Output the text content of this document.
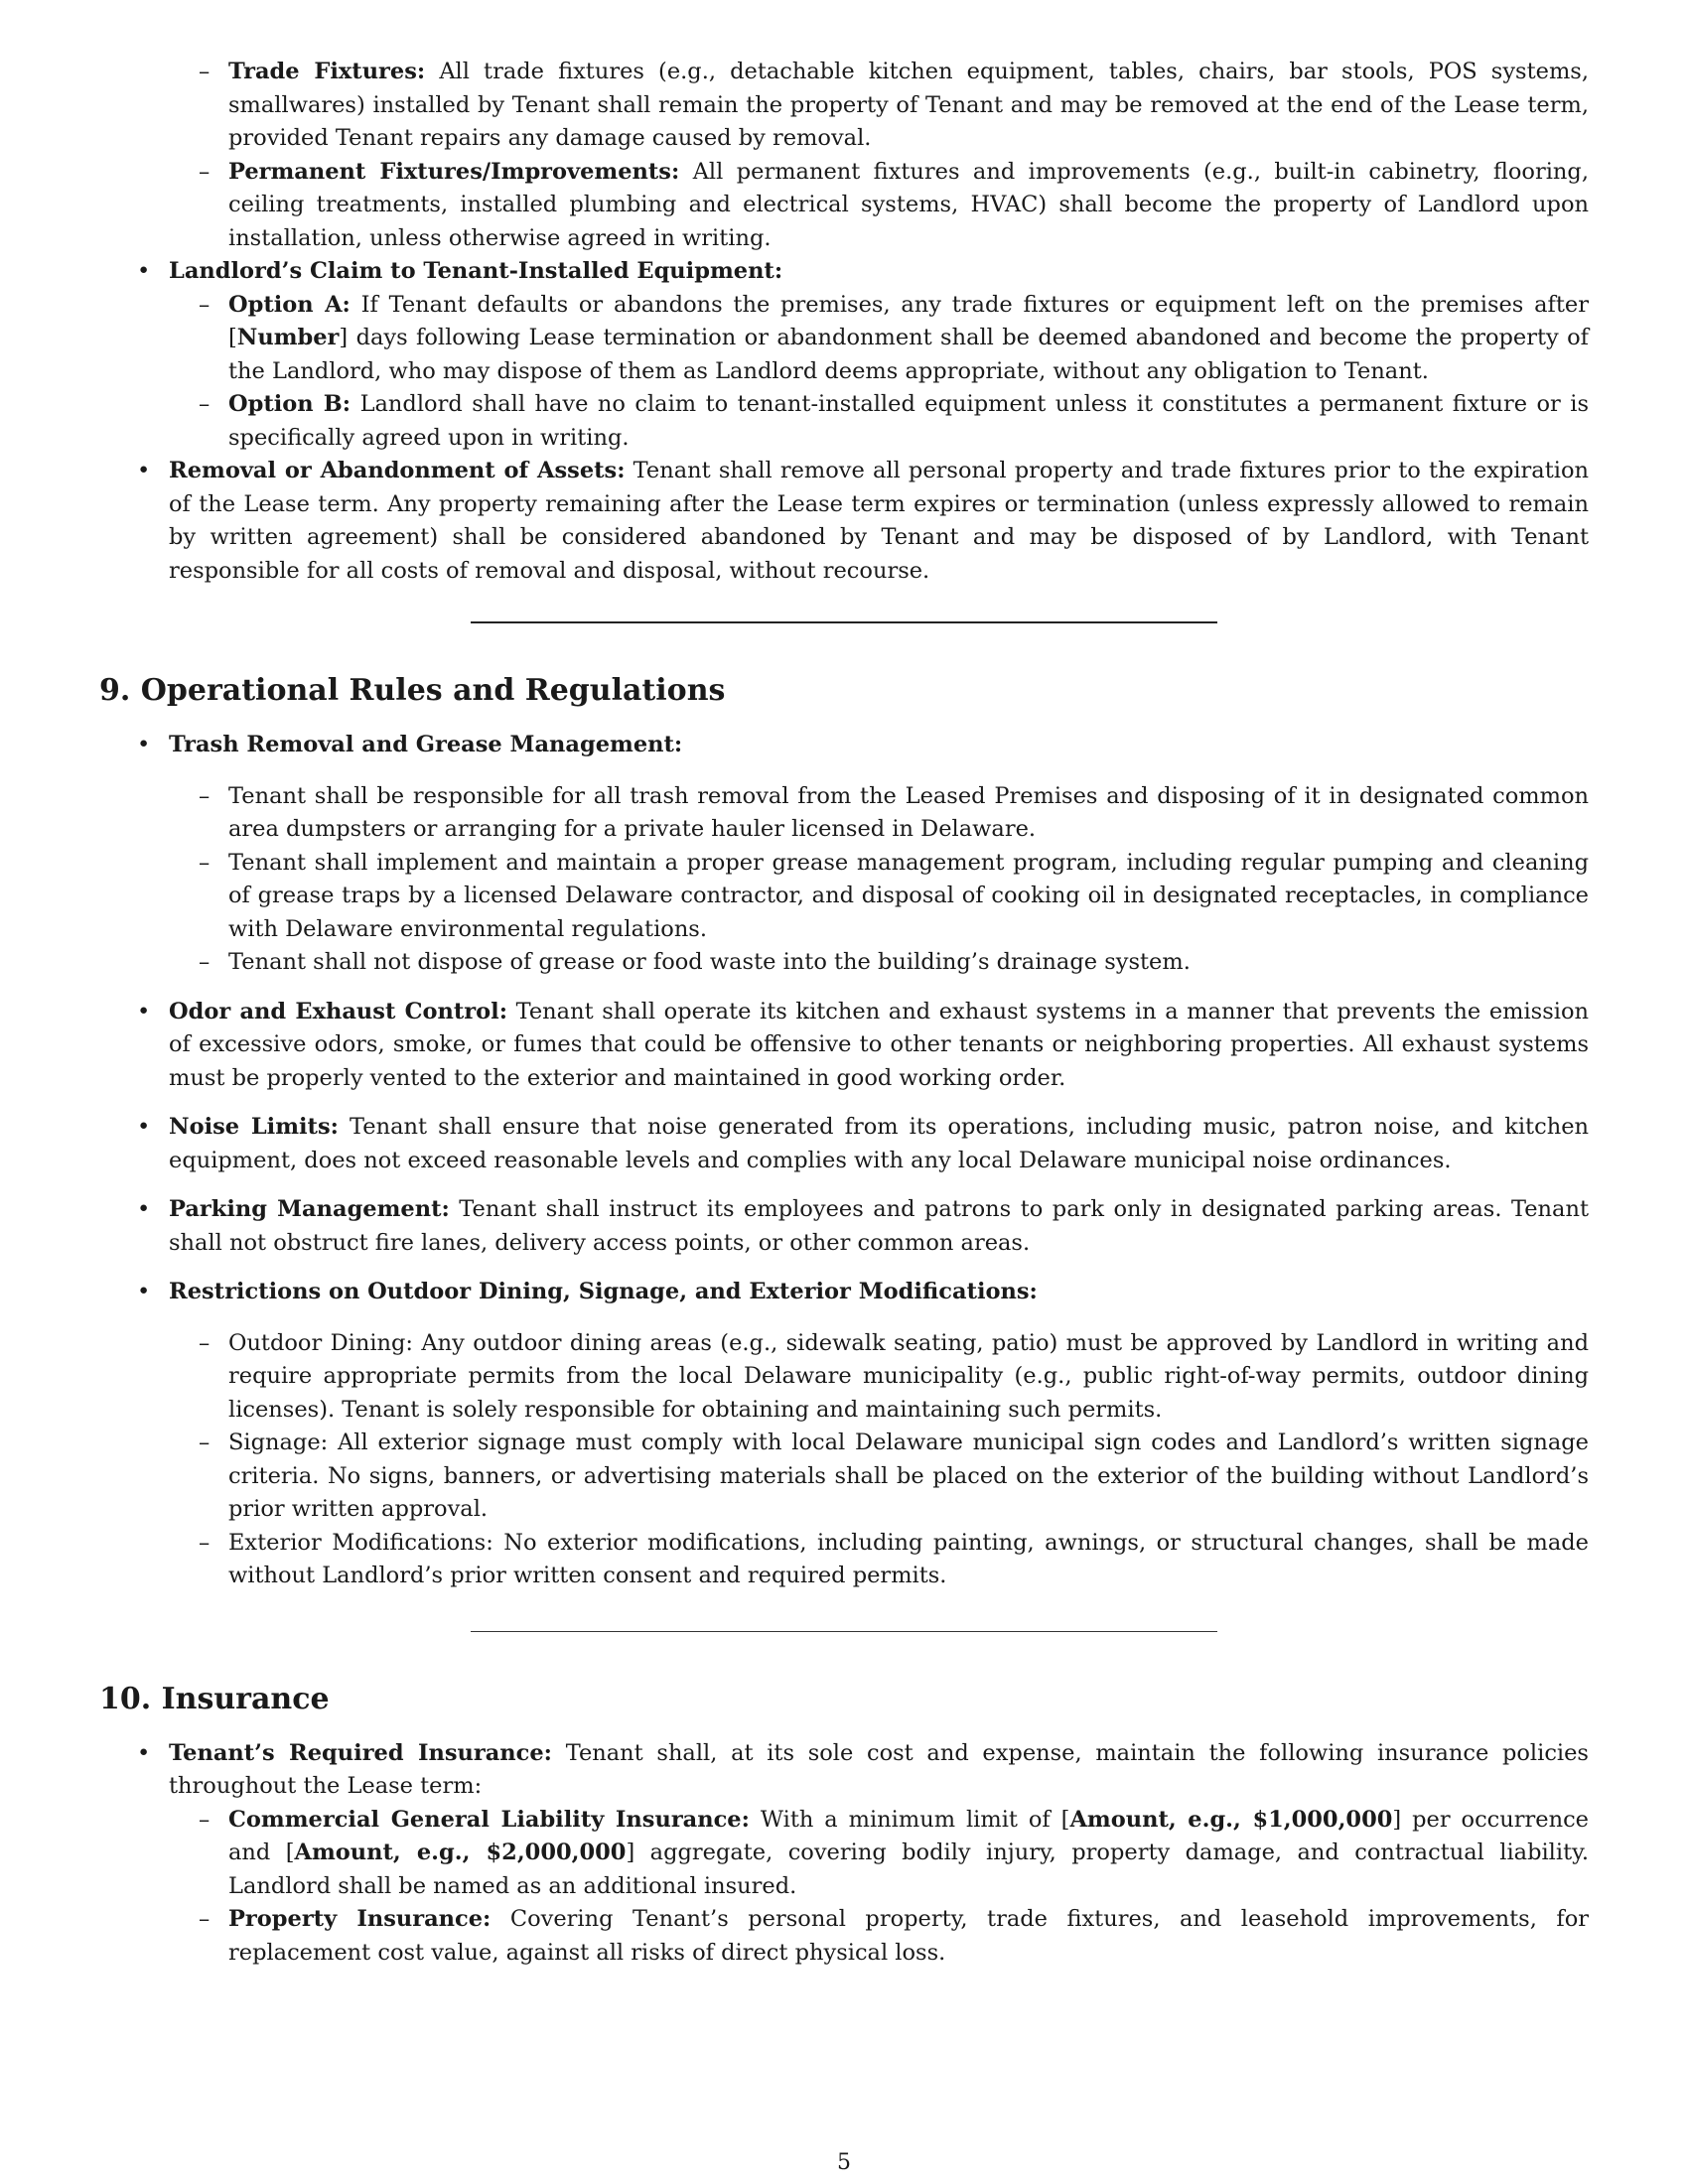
– Trade Fixtures: All trade fixtures (e.g., detachable kitchen equipment, tables, chairs, bar stools, POS systems, smallwares) installed by Tenant shall remain the property of Tenant and may be removed at the end of the Lease term, provided Tenant repairs any damage caused by removal.
– Permanent Fixtures/Improvements: All permanent fixtures and improvements (e.g., built-in cabinetry, flooring, ceiling treatments, installed plumbing and electrical systems, HVAC) shall become the property of Landlord upon installation, unless otherwise agreed in writing.
• Landlord’s Claim to Tenant-Installed Equipment:
– Option A: If Tenant defaults or abandons the premises, any trade fixtures or equipment left on the premises after [Number] days following Lease termination or abandonment shall be deemed abandoned and become the property of the Landlord, who may dispose of them as Landlord deems appropriate, without any obligation to Tenant.
– Option B: Landlord shall have no claim to tenant-installed equipment unless it constitutes a permanent fixture or is specifically agreed upon in writing.
• Removal or Abandonment of Assets: Tenant shall remove all personal property and trade fixtures prior to the expiration of the Lease term. Any property remaining after the Lease term expires or termination (unless expressly allowed to remain by written agreement) shall be considered abandoned by Tenant and may be disposed of by Landlord, with Tenant responsible for all costs of removal and disposal, without recourse.
9. Operational Rules and Regulations
• Trash Removal and Grease Management:
– Tenant shall be responsible for all trash removal from the Leased Premises and disposing of it in designated common area dumpsters or arranging for a private hauler licensed in Delaware.
– Tenant shall implement and maintain a proper grease management program, including regular pumping and cleaning of grease traps by a licensed Delaware contractor, and disposal of cooking oil in designated receptacles, in compliance with Delaware environmental regulations.
– Tenant shall not dispose of grease or food waste into the building’s drainage system.
• Odor and Exhaust Control: Tenant shall operate its kitchen and exhaust systems in a manner that prevents the emission of excessive odors, smoke, or fumes that could be offensive to other tenants or neighboring properties. All exhaust systems must be properly vented to the exterior and maintained in good working order.
• Noise Limits: Tenant shall ensure that noise generated from its operations, including music, patron noise, and kitchen equipment, does not exceed reasonable levels and complies with any local Delaware municipal noise ordinances.
• Parking Management: Tenant shall instruct its employees and patrons to park only in designated parking areas. Tenant shall not obstruct fire lanes, delivery access points, or other common areas.
• Restrictions on Outdoor Dining, Signage, and Exterior Modifications:
– Outdoor Dining: Any outdoor dining areas (e.g., sidewalk seating, patio) must be approved by Landlord in writing and require appropriate permits from the local Delaware municipality (e.g., public right-of-way permits, outdoor dining licenses). Tenant is solely responsible for obtaining and maintaining such permits.
– Signage: All exterior signage must comply with local Delaware municipal sign codes and Landlord’s written signage criteria. No signs, banners, or advertising materials shall be placed on the exterior of the building without Landlord’s prior written approval.
– Exterior Modifications: No exterior modifications, including painting, awnings, or structural changes, shall be made without Landlord’s prior written consent and required permits.
10. Insurance
• Tenant’s Required Insurance: Tenant shall, at its sole cost and expense, maintain the following insurance policies throughout the Lease term:
– Commercial General Liability Insurance: With a minimum limit of [Amount, e.g., $1,000,000] per occurrence and [Amount, e.g., $2,000,000] aggregate, covering bodily injury, property damage, and contractual liability. Landlord shall be named as an additional insured.
– Property Insurance: Covering Tenant’s personal property, trade fixtures, and leasehold improvements, for replacement cost value, against all risks of direct physical loss.
5
